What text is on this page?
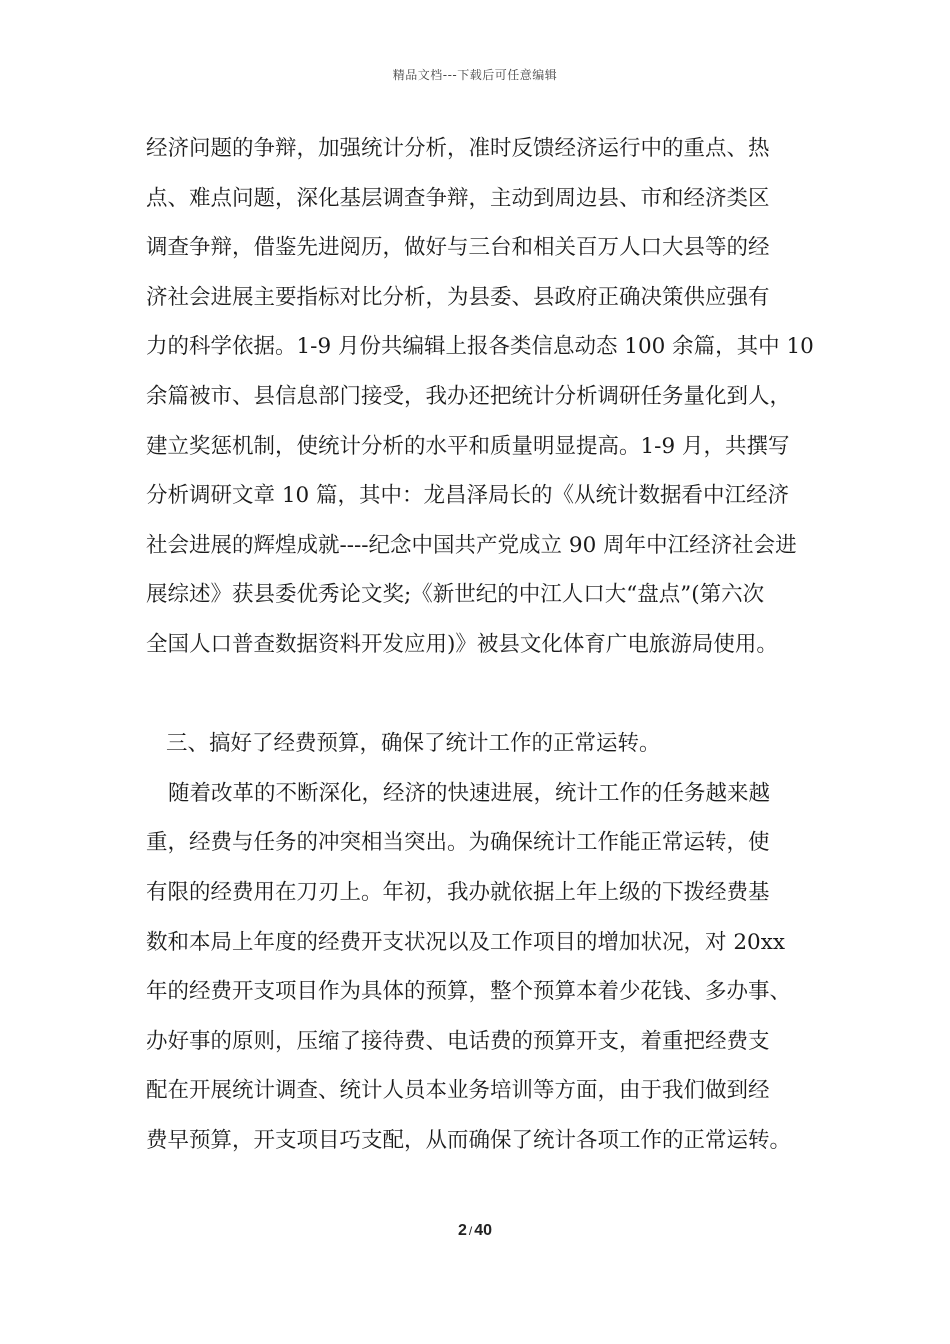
精品文档---下载后可任意编辑
经济问题的争辩，加强统计分析，准时反馈经济运行中的重点、热
点、难点问题，深化基层调查争辩，主动到周边县、市和经济类区
调查争辩，借鉴先进阅历，做好与三台和相关百万人口大县等的经
济社会进展主要指标对比分析，为县委、县政府正确决策供应强有
力的科学依据。1-9 月份共编辑上报各类信息动态 100 余篇，其中 10
余篇被市、县信息部门接受，我办还把统计分析调研任务量化到人，
建立奖惩机制，使统计分析的水平和质量明显提高。1-9 月，共撰写
分析调研文章 10 篇，其中：龙昌泽局长的《从统计数据看中江经济
社会进展的辉煌成就----纪念中国共产党成立 90 周年中江经济社会进
展综述》获县委优秀论文奖;《新世纪的中江人口大“盘点”(第六次
全国人口普查数据资料开发应用)》被县文化体育广电旅游局使用。
三、搞好了经费预算，确保了统计工作的正常运转。
随着改革的不断深化，经济的快速进展，统计工作的任务越来越
重，经费与任务的冲突相当突出。为确保统计工作能正常运转，使
有限的经费用在刀刃上。年初，我办就依据上年上级的下拨经费基
数和本局上年度的经费开支状况以及工作项目的增加状况，对 20xx
年的经费开支项目作为具体的预算，整个预算本着少花钱、多办事、
办好事的原则，压缩了接待费、电话费的预算开支，着重把经费支
配在开展统计调查、统计人员本业务培训等方面，由于我们做到经
费早预算，开支项目巧支配，从而确保了统计各项工作的正常运转。
2 / 40
